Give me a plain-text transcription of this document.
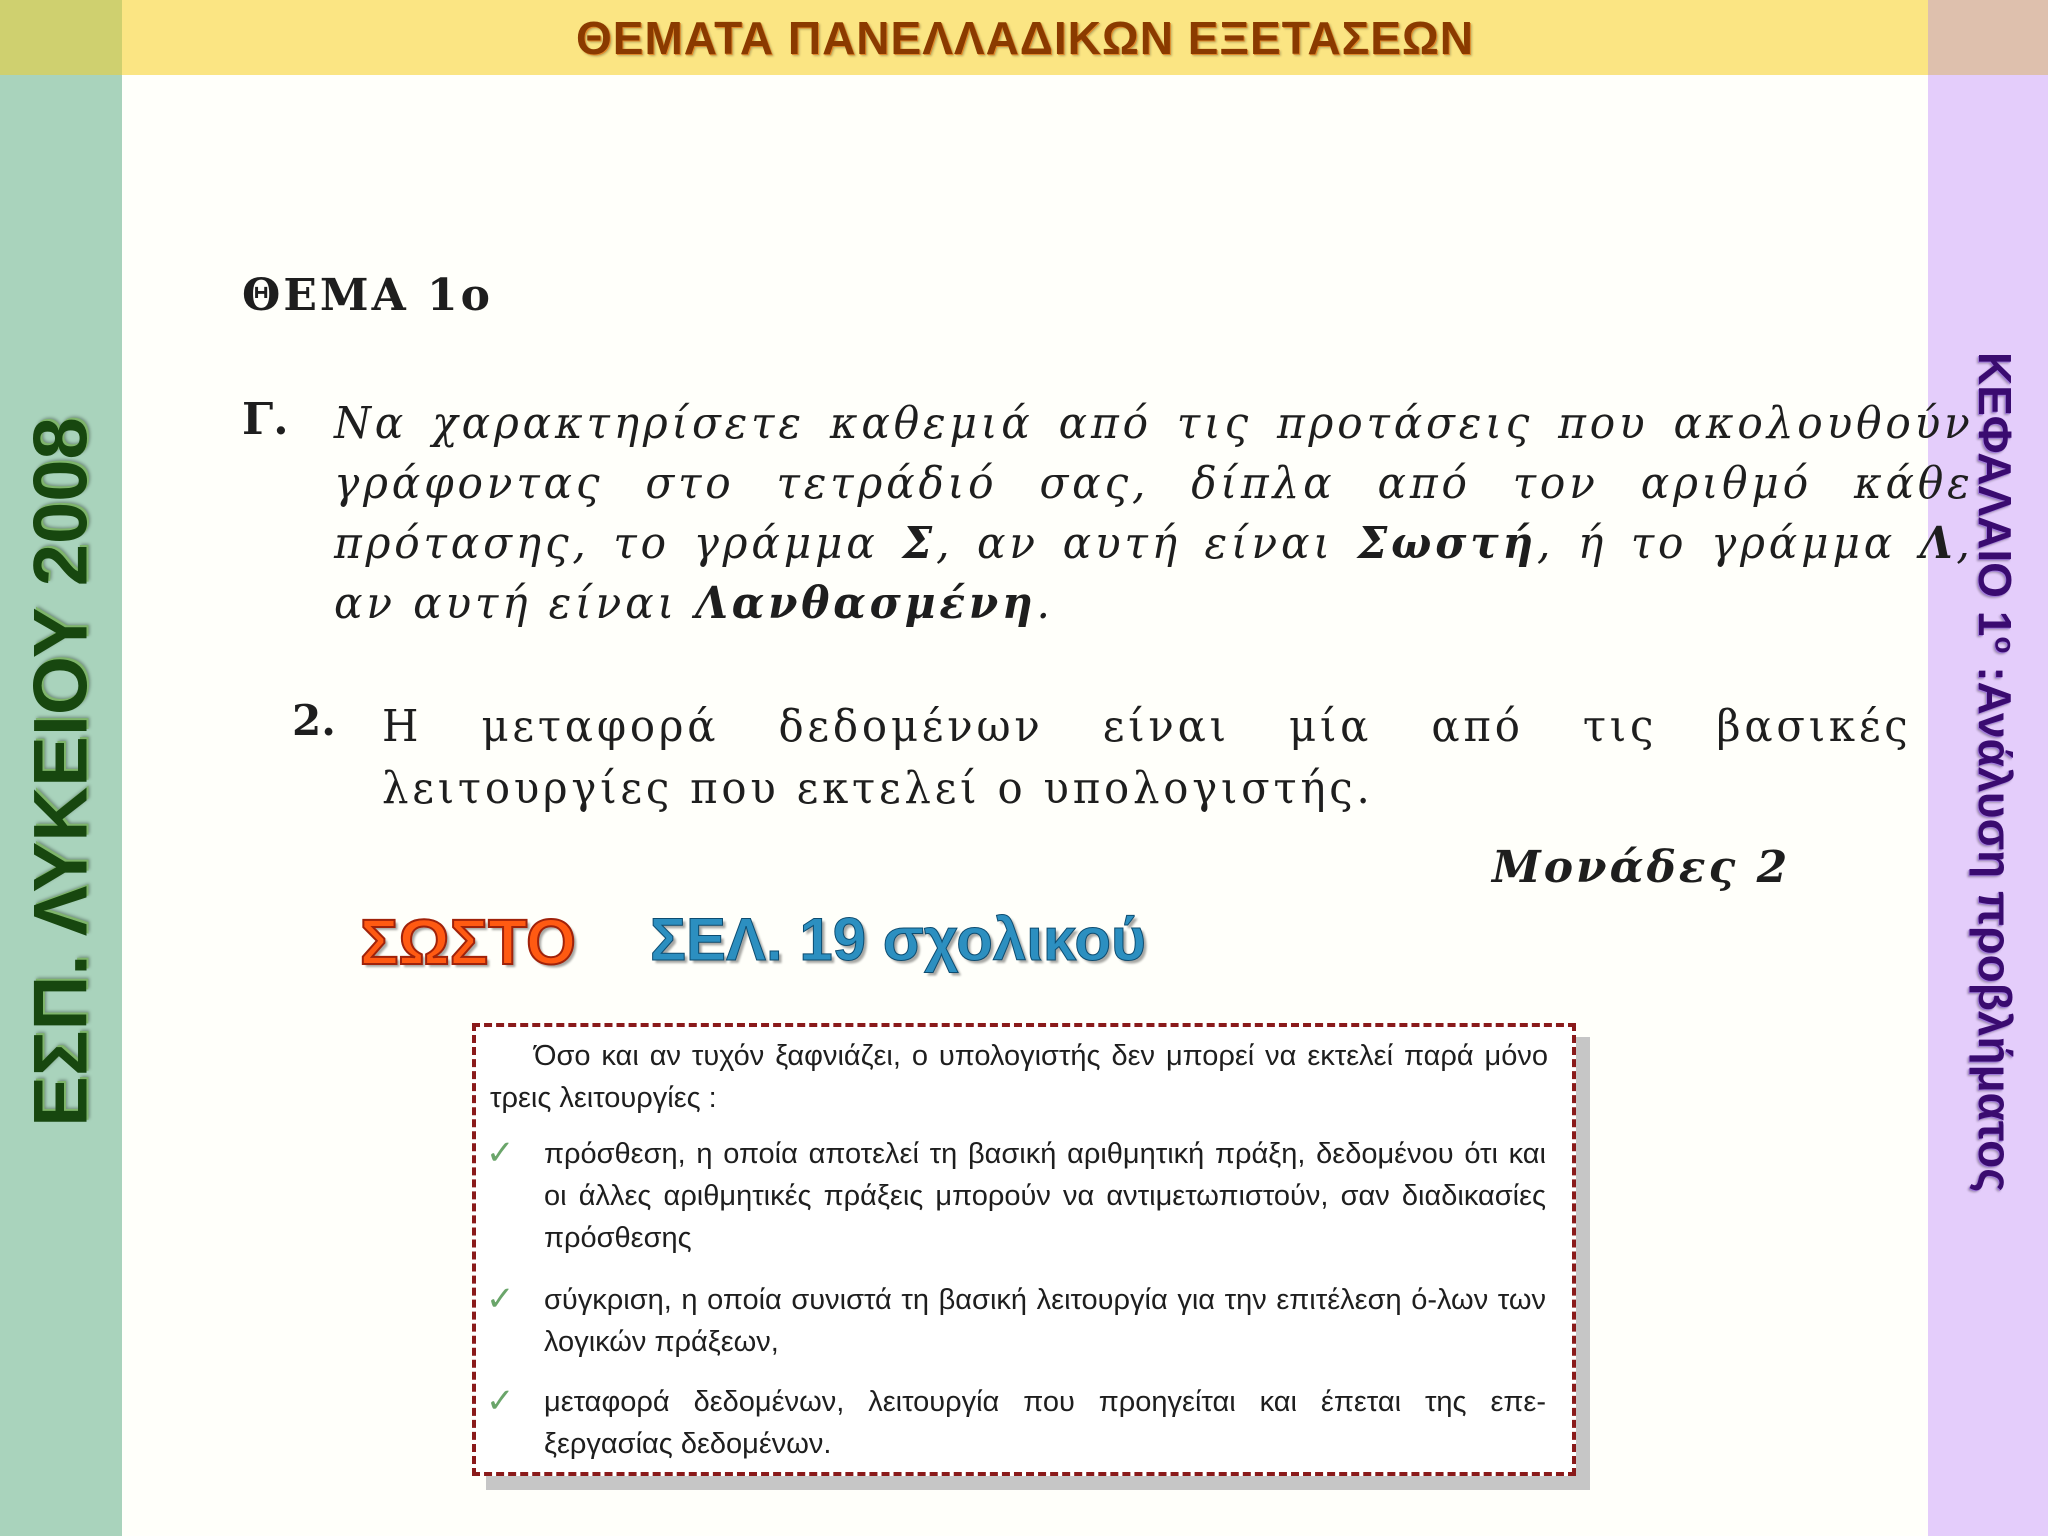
ΘΕΜΑΤΑ ΠΑΝΕΛΛΑΔΙΚΩΝ ΕΞΕΤΑΣΕΩΝ
ΕΣΠ. ΛΥΚΕΙΟΥ 2008	ΚΕΦΑΛΑΙΟ $1^o$ :Ανάλυση προβλήματος
ΘΕΜΑ 1ο
Γ. Να χαρακτηρίσετε καθεμιά από τις προτάσεις που ακολουθούν γράφοντας στο τετράδιό σας, δίπλα από τον αριθμό κάθε πρότασης, το γράμμα Σ, αν αυτή είναι Σωστή, ή το γράμμα Λ, αν αυτή είναι Λανθασμένη.
2. Η μεταφορά δεδομένων είναι μία από τις βασικές λειτουργίες που εκτελεί ο υπολογιστής.
Μονάδες 2
ΣΩΣΤΟ ΣΕΛ. 19 σχολικού
Όσο και αν τυχόν ξαφνιάζει, ο υπολογιστής δεν μπορεί να εκτελεί παρά μόνο τρεις λειτουργίες :
✓ πρόσθεση, η οποία αποτελεί τη βασική αριθμητική πράξη, δεδομένου ότι και οι άλλες αριθμητικές πράξεις μπορούν να αντιμετωπιστούν, σαν διαδικασίες πρόσθεσης
✓ σύγκριση, η οποία συνιστά τη βασική λειτουργία για την επιτέλεση ό-λων των λογικών πράξεων,
✓ μεταφορά δεδομένων, λειτουργία που προηγείται και έπεται της επε-ξεργασίας δεδομένων.
